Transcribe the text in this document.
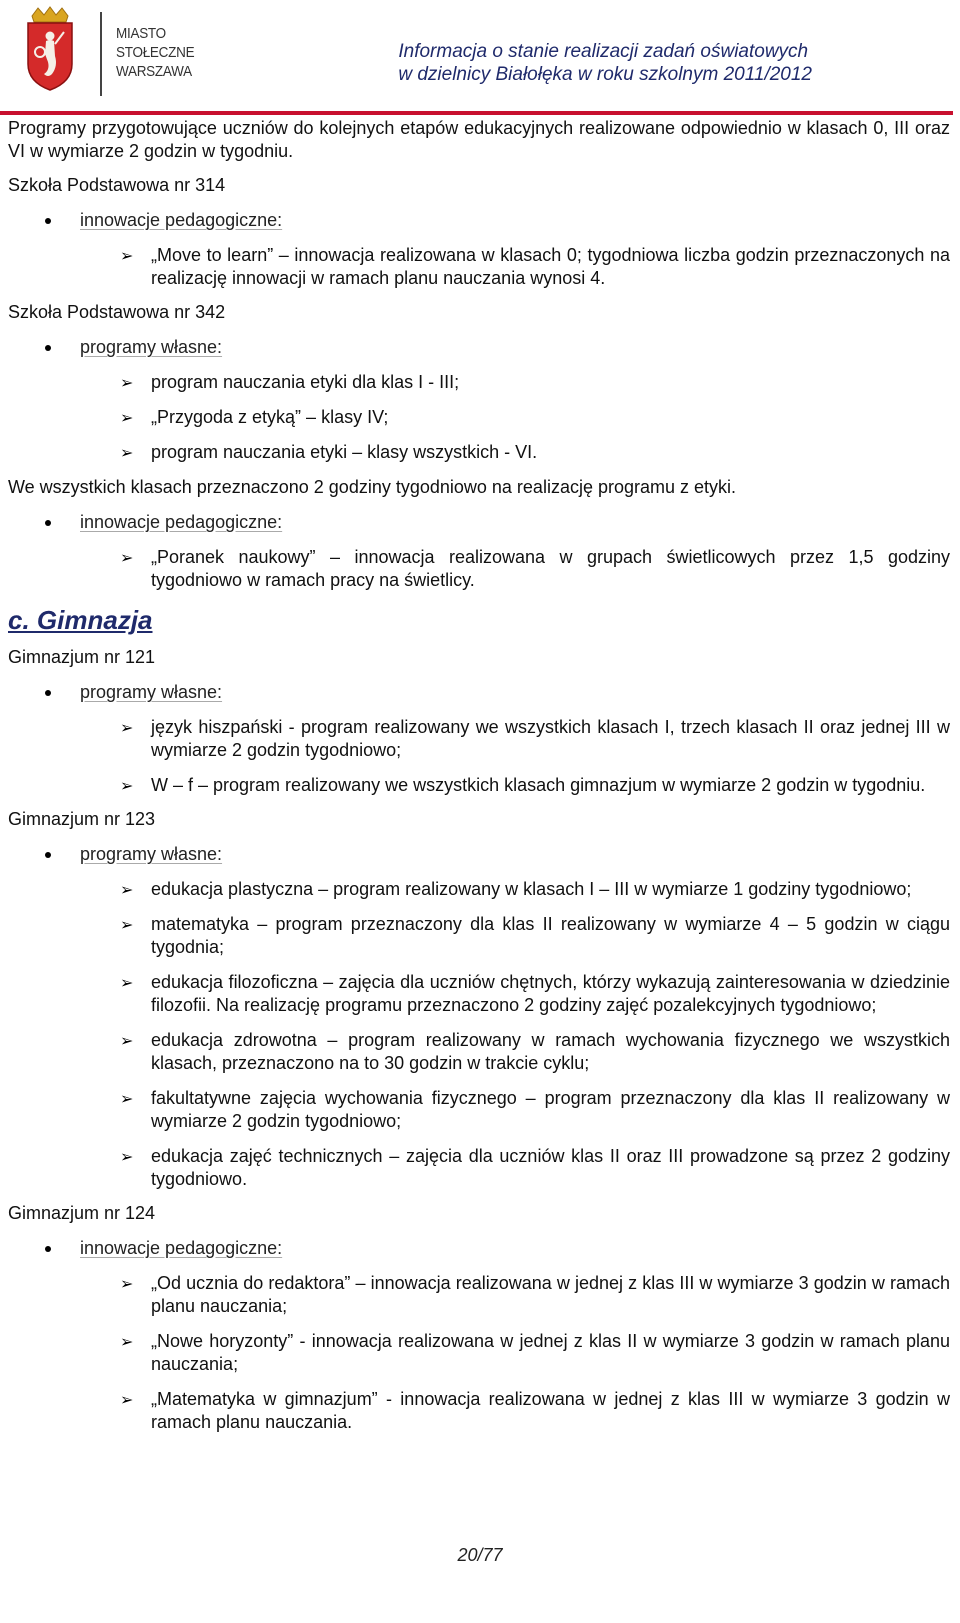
MIASTO
STOŁECZNE
WARSZAWA
Informacja o stanie realizacji zadań oświatowych
w dzielnicy Białołęka w roku szkolnym 2011/2012

Programy przygotowujące uczniów do kolejnych etapów edukacyjnych realizowane odpowiednio w klasach 0, III oraz VI w wymiarze 2 godzin w tygodniu.

Szkoła Podstawowa nr 314

innowacje pedagogiczne:
➢ „Move to learn” – innowacja realizowana w klasach 0; tygodniowa liczba godzin przeznaczonych na realizację innowacji w ramach planu nauczania wynosi 4.

Szkoła Podstawowa nr 342

programy własne:
➢ program nauczania etyki dla klas I - III;
➢ „Przygoda z etyką” – klasy IV;
➢ program nauczania etyki – klasy wszystkich - VI.

We wszystkich klasach przeznaczono 2 godziny tygodniowo na realizację programu z etyki.

innowacje pedagogiczne:
➢ „Poranek naukowy” – innowacja realizowana w grupach świetlicowych przez 1,5 godziny tygodniowo w ramach pracy na świetlicy.

c. Gimnazja

Gimnazjum nr 121

programy własne:
➢ język hiszpański - program realizowany we wszystkich klasach I, trzech klasach II oraz jednej III w wymiarze 2 godzin tygodniowo;
➢ W – f – program realizowany we wszystkich klasach gimnazjum w wymiarze 2 godzin w tygodniu.

Gimnazjum nr 123

programy własne:
➢ edukacja plastyczna – program realizowany w klasach I – III w wymiarze 1 godziny tygodniowo;
➢ matematyka – program przeznaczony dla klas II realizowany w wymiarze 4 – 5 godzin w ciągu tygodnia;
➢ edukacja filozoficzna – zajęcia dla uczniów chętnych, którzy wykazują zainteresowania w dziedzinie filozofii. Na realizację programu przeznaczono 2 godziny zajęć pozalekcyjnych tygodniowo;
➢ edukacja zdrowotna – program realizowany w ramach wychowania fizycznego we wszystkich klasach, przeznaczono na to 30 godzin w trakcie cyklu;
➢ fakultatywne zajęcia wychowania fizycznego – program przeznaczony dla klas II realizowany w wymiarze 2 godzin tygodniowo;
➢ edukacja zajęć technicznych – zajęcia dla uczniów klas II oraz III prowadzone są przez 2 godziny tygodniowo.

Gimnazjum nr 124

innowacje pedagogiczne:
➢ „Od ucznia do redaktora” – innowacja realizowana w jednej z klas III w wymiarze 3 godzin w ramach planu nauczania;
➢ „Nowe horyzonty” - innowacja realizowana w jednej z klas II w wymiarze 3 godzin w ramach planu nauczania;
➢ „Matematyka w gimnazjum” - innowacja realizowana w jednej z klas III w wymiarze 3 godzin w ramach planu nauczania.
20/77
